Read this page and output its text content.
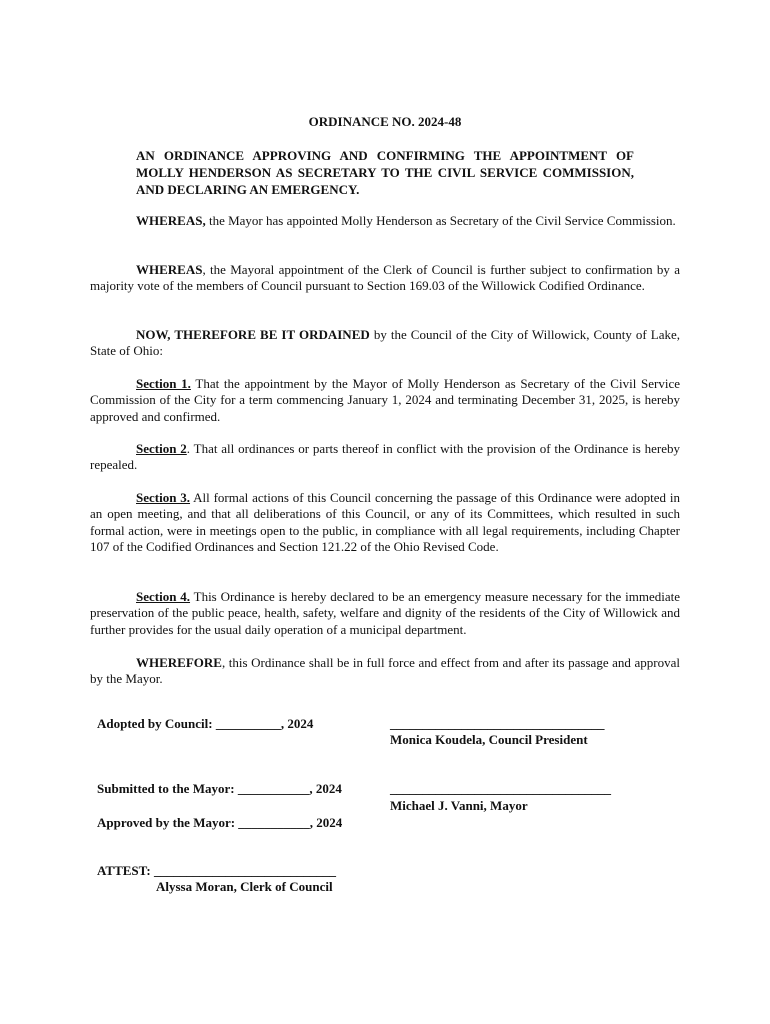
ORDINANCE NO. 2024-48
AN ORDINANCE APPROVING AND CONFIRMING THE APPOINTMENT OF MOLLY HENDERSON AS SECRETARY TO THE CIVIL SERVICE COMMISSION, AND DECLARING AN EMERGENCY.

WHEREAS, the Mayor has appointed Molly Henderson as Secretary of the Civil Service Commission.

WHEREAS, the Mayoral appointment of the Clerk of Council is further subject to confirmation by a majority vote of the members of Council pursuant to Section 169.03 of the Willowick Codified Ordinance.

NOW, THEREFORE BE IT ORDAINED by the Council of the City of Willowick, County of Lake, State of Ohio:

Section 1. That the appointment by the Mayor of Molly Henderson as Secretary of the Civil Service Commission of the City for a term commencing January 1, 2024 and terminating December 31, 2025, is hereby approved and confirmed.

Section 2. That all ordinances or parts thereof in conflict with the provision of the Ordinance is hereby repealed.

Section 3. All formal actions of this Council concerning the passage of this Ordinance were adopted in an open meeting, and that all deliberations of this Council, or any of its Committees, which resulted in such formal action, were in meetings open to the public, in compliance with all legal requirements, including Chapter 107 of the Codified Ordinances and Section 121.22 of the Ohio Revised Code.

Section 4. This Ordinance is hereby declared to be an emergency measure necessary for the immediate preservation of the public peace, health, safety, welfare and dignity of the residents of the City of Willowick and further provides for the usual daily operation of a municipal department.

WHEREFORE, this Ordinance shall be in full force and effect from and after its passage and approval by the Mayor.

Adopted by Council: __________, 2024	_________________________________
Monica Koudela, Council President
Submitted to the Mayor: ___________, 2024	__________________________________
Michael J. Vanni, Mayor
Approved by the Mayor: ___________, 2024
ATTEST: ____________________________
Alyssa Moran, Clerk of Council
